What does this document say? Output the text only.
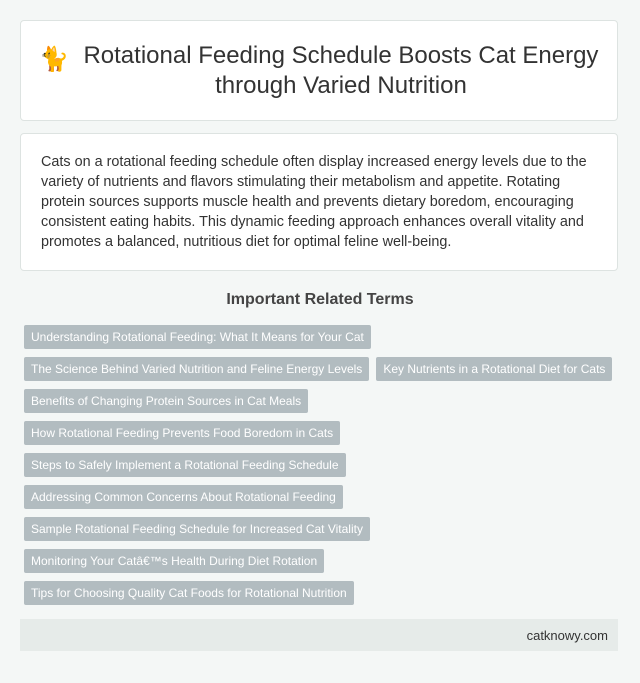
🐈 Rotational Feeding Schedule Boosts Cat Energy through Varied Nutrition

Cats on a rotational feeding schedule often display increased energy levels due to the variety of nutrients and flavors stimulating their metabolism and appetite. Rotating protein sources supports muscle health and prevents dietary boredom, encouraging consistent eating habits. This dynamic feeding approach enhances overall vitality and promotes a balanced, nutritious diet for optimal feline well-being.

Important Related Terms
Understanding Rotational Feeding: What It Means for Your Cat
The Science Behind Varied Nutrition and Feline Energy Levels	Key Nutrients in a Rotational Diet for Cats
Benefits of Changing Protein Sources in Cat Meals
How Rotational Feeding Prevents Food Boredom in Cats
Steps to Safely Implement a Rotational Feeding Schedule
Addressing Common Concerns About Rotational Feeding
Sample Rotational Feeding Schedule for Increased Cat Vitality
Monitoring Your Catâ€™s Health During Diet Rotation
Tips for Choosing Quality Cat Foods for Rotational Nutrition
catknowy.com
